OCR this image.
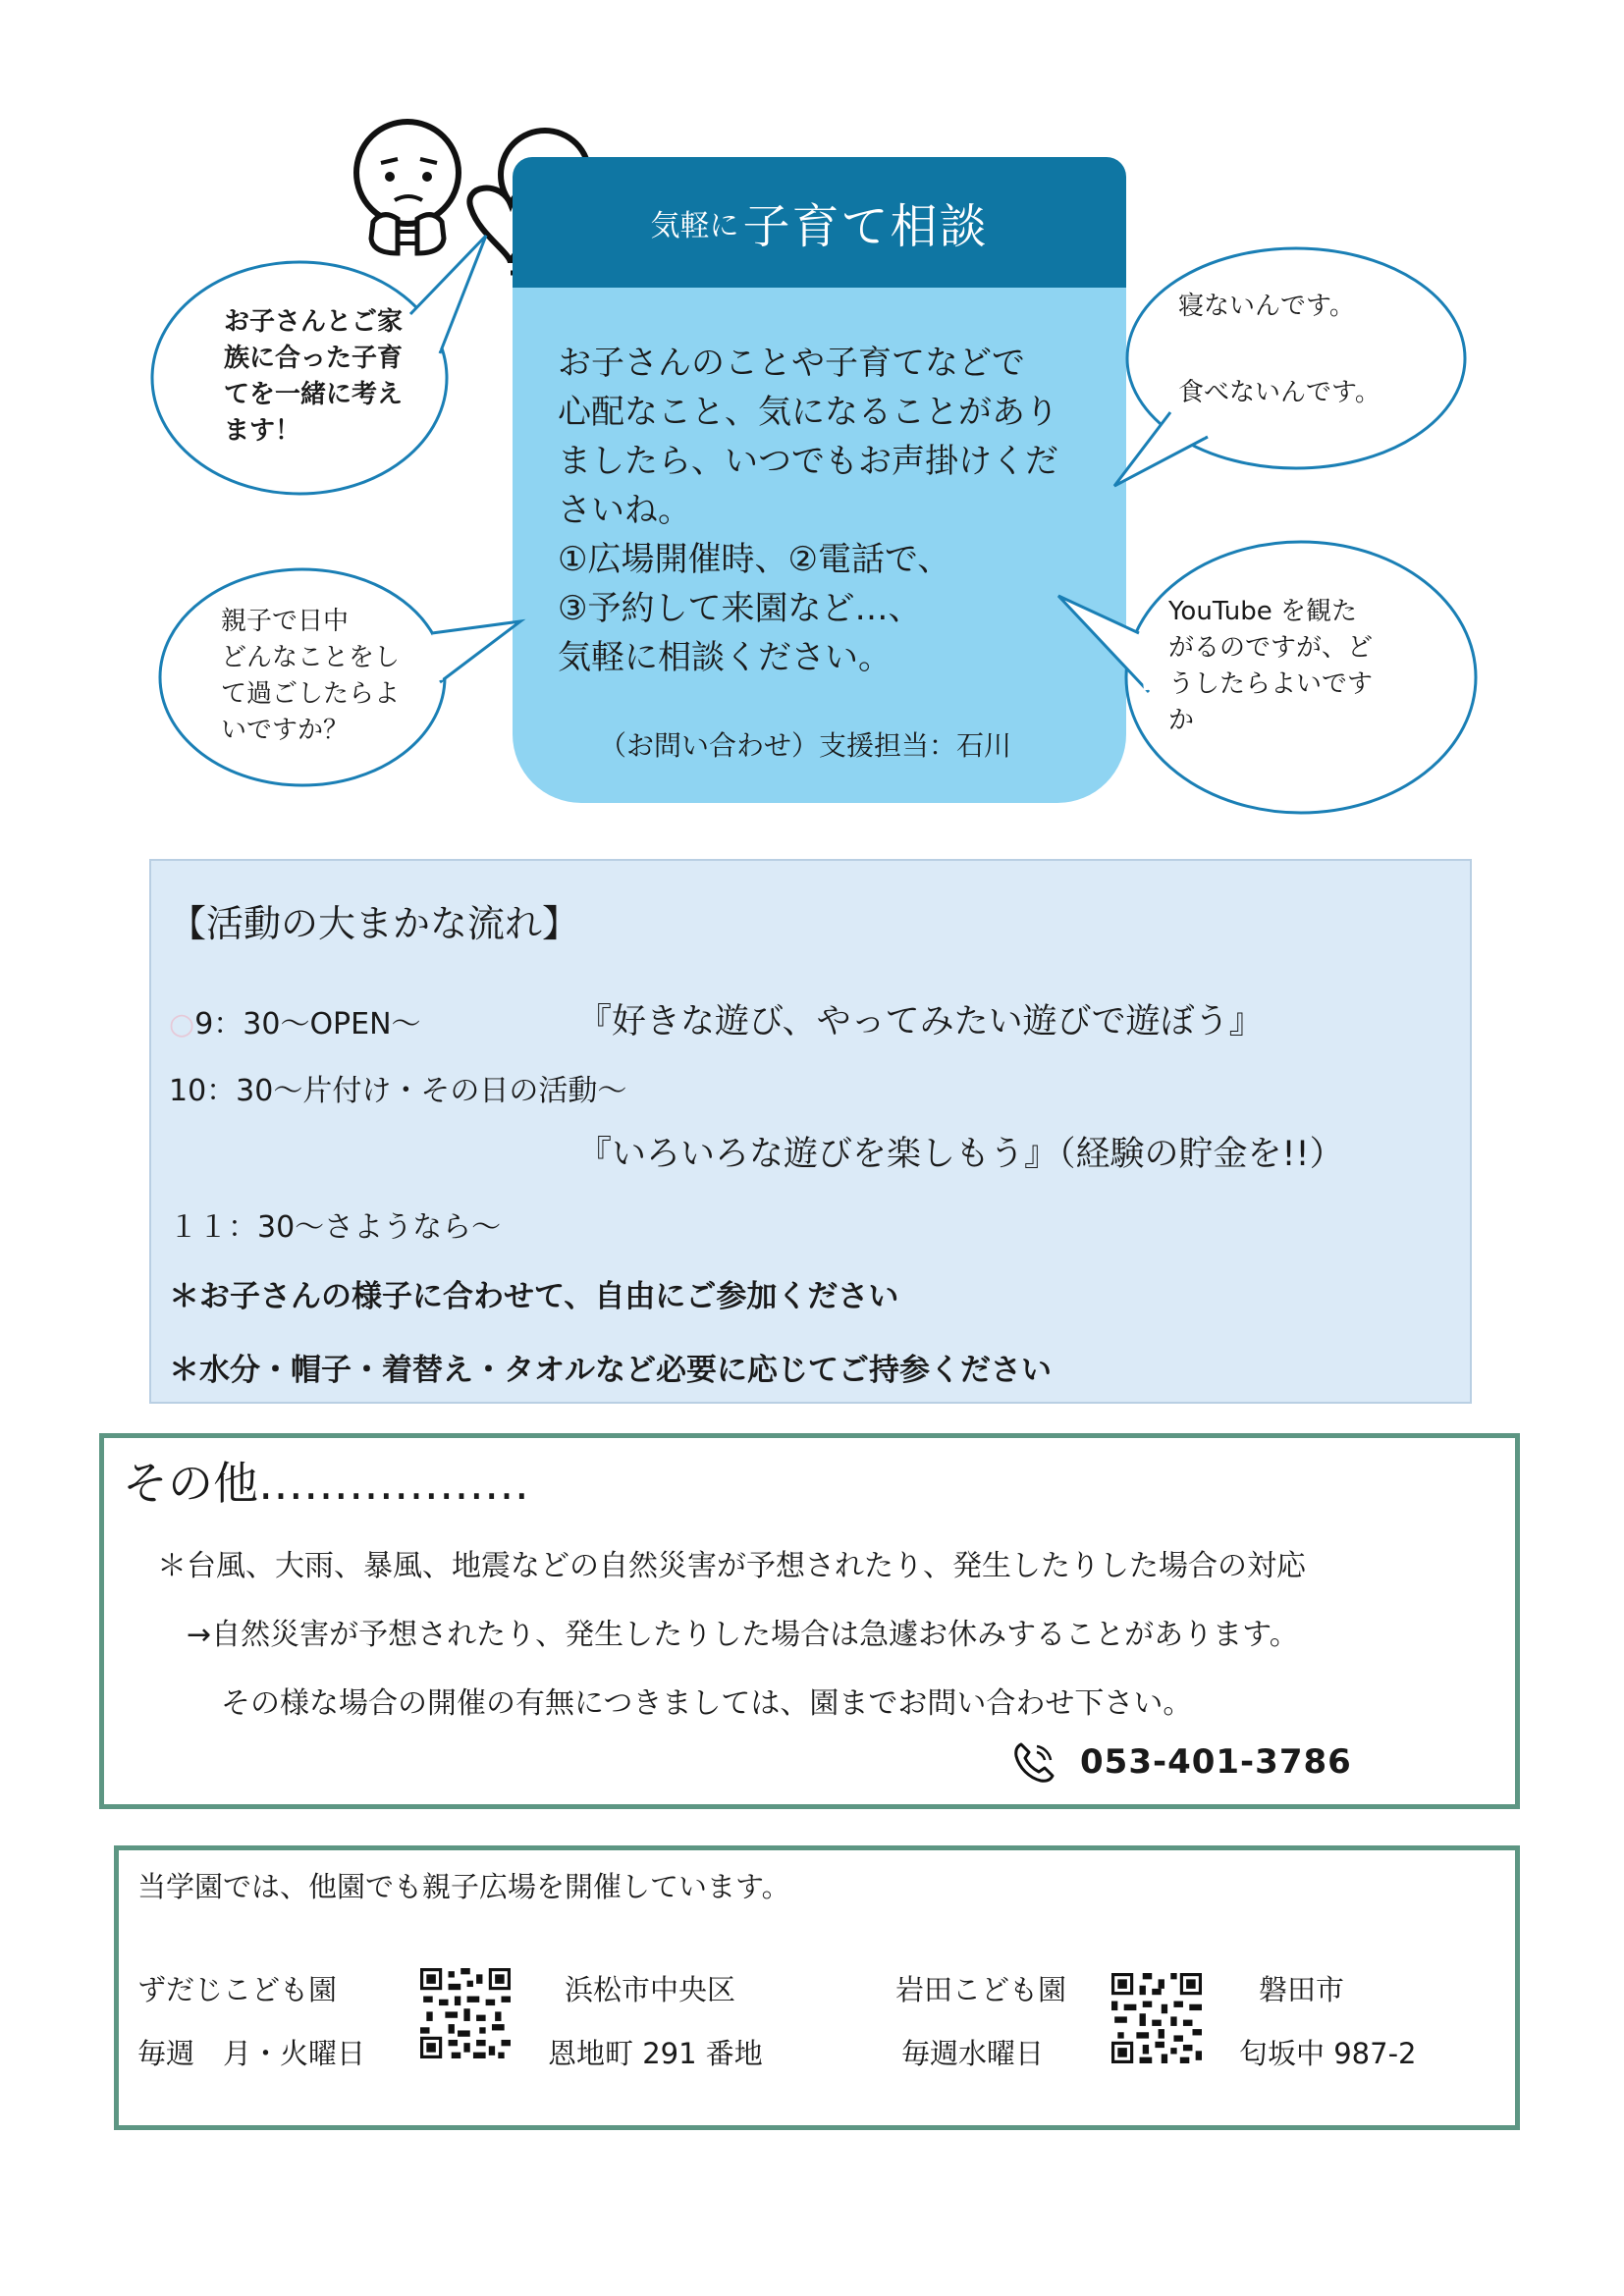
気軽に 子育て相談
お子さんのことや子育てなどで
心配なこと、気になることがあり
ましたら、いつでもお声掛けくだ
さいね。
①広場開催時、②電話で、
③予約して来園など…、
気軽に相談ください。
（お問い合わせ）支援担当：石川
お子さんとご家
族に合った子育
てを一緒に考え
ます！
親子で日中
どんなことをし
て過ごしたらよ
いですか？
寝ないんです。
食べないんです。
YouTube を観た
がるのですが、ど
うしたらよいです
か
【活動の大まかな流れ】
○9：30～OPEN～	『好きな遊び、やってみたい遊びで遊ぼう』
10：30～片付け・その日の活動～
『いろいろな遊びを楽しもう』（経験の貯金を!!）
１１：30～さようなら～
＊お子さんの様子に合わせて、自由にご参加ください
＊水分・帽子・着替え・タオルなど必要に応じてご持参ください
その他………………
＊台風、大雨、暴風、地震などの自然災害が予想されたり、発生したりした場合の対応
→自然災害が予想されたり、発生したりした場合は急遽お休みすることがあります。
その様な場合の開催の有無につきましては、園までお問い合わせ下さい。
053-401-3786
当学園では、他園でも親子広場を開催しています。
ずだじこども園
毎週　月・火曜日
浜松市中央区
恩地町 291 番地
岩田こども園
毎週水曜日
磐田市
匂坂中 987-2
